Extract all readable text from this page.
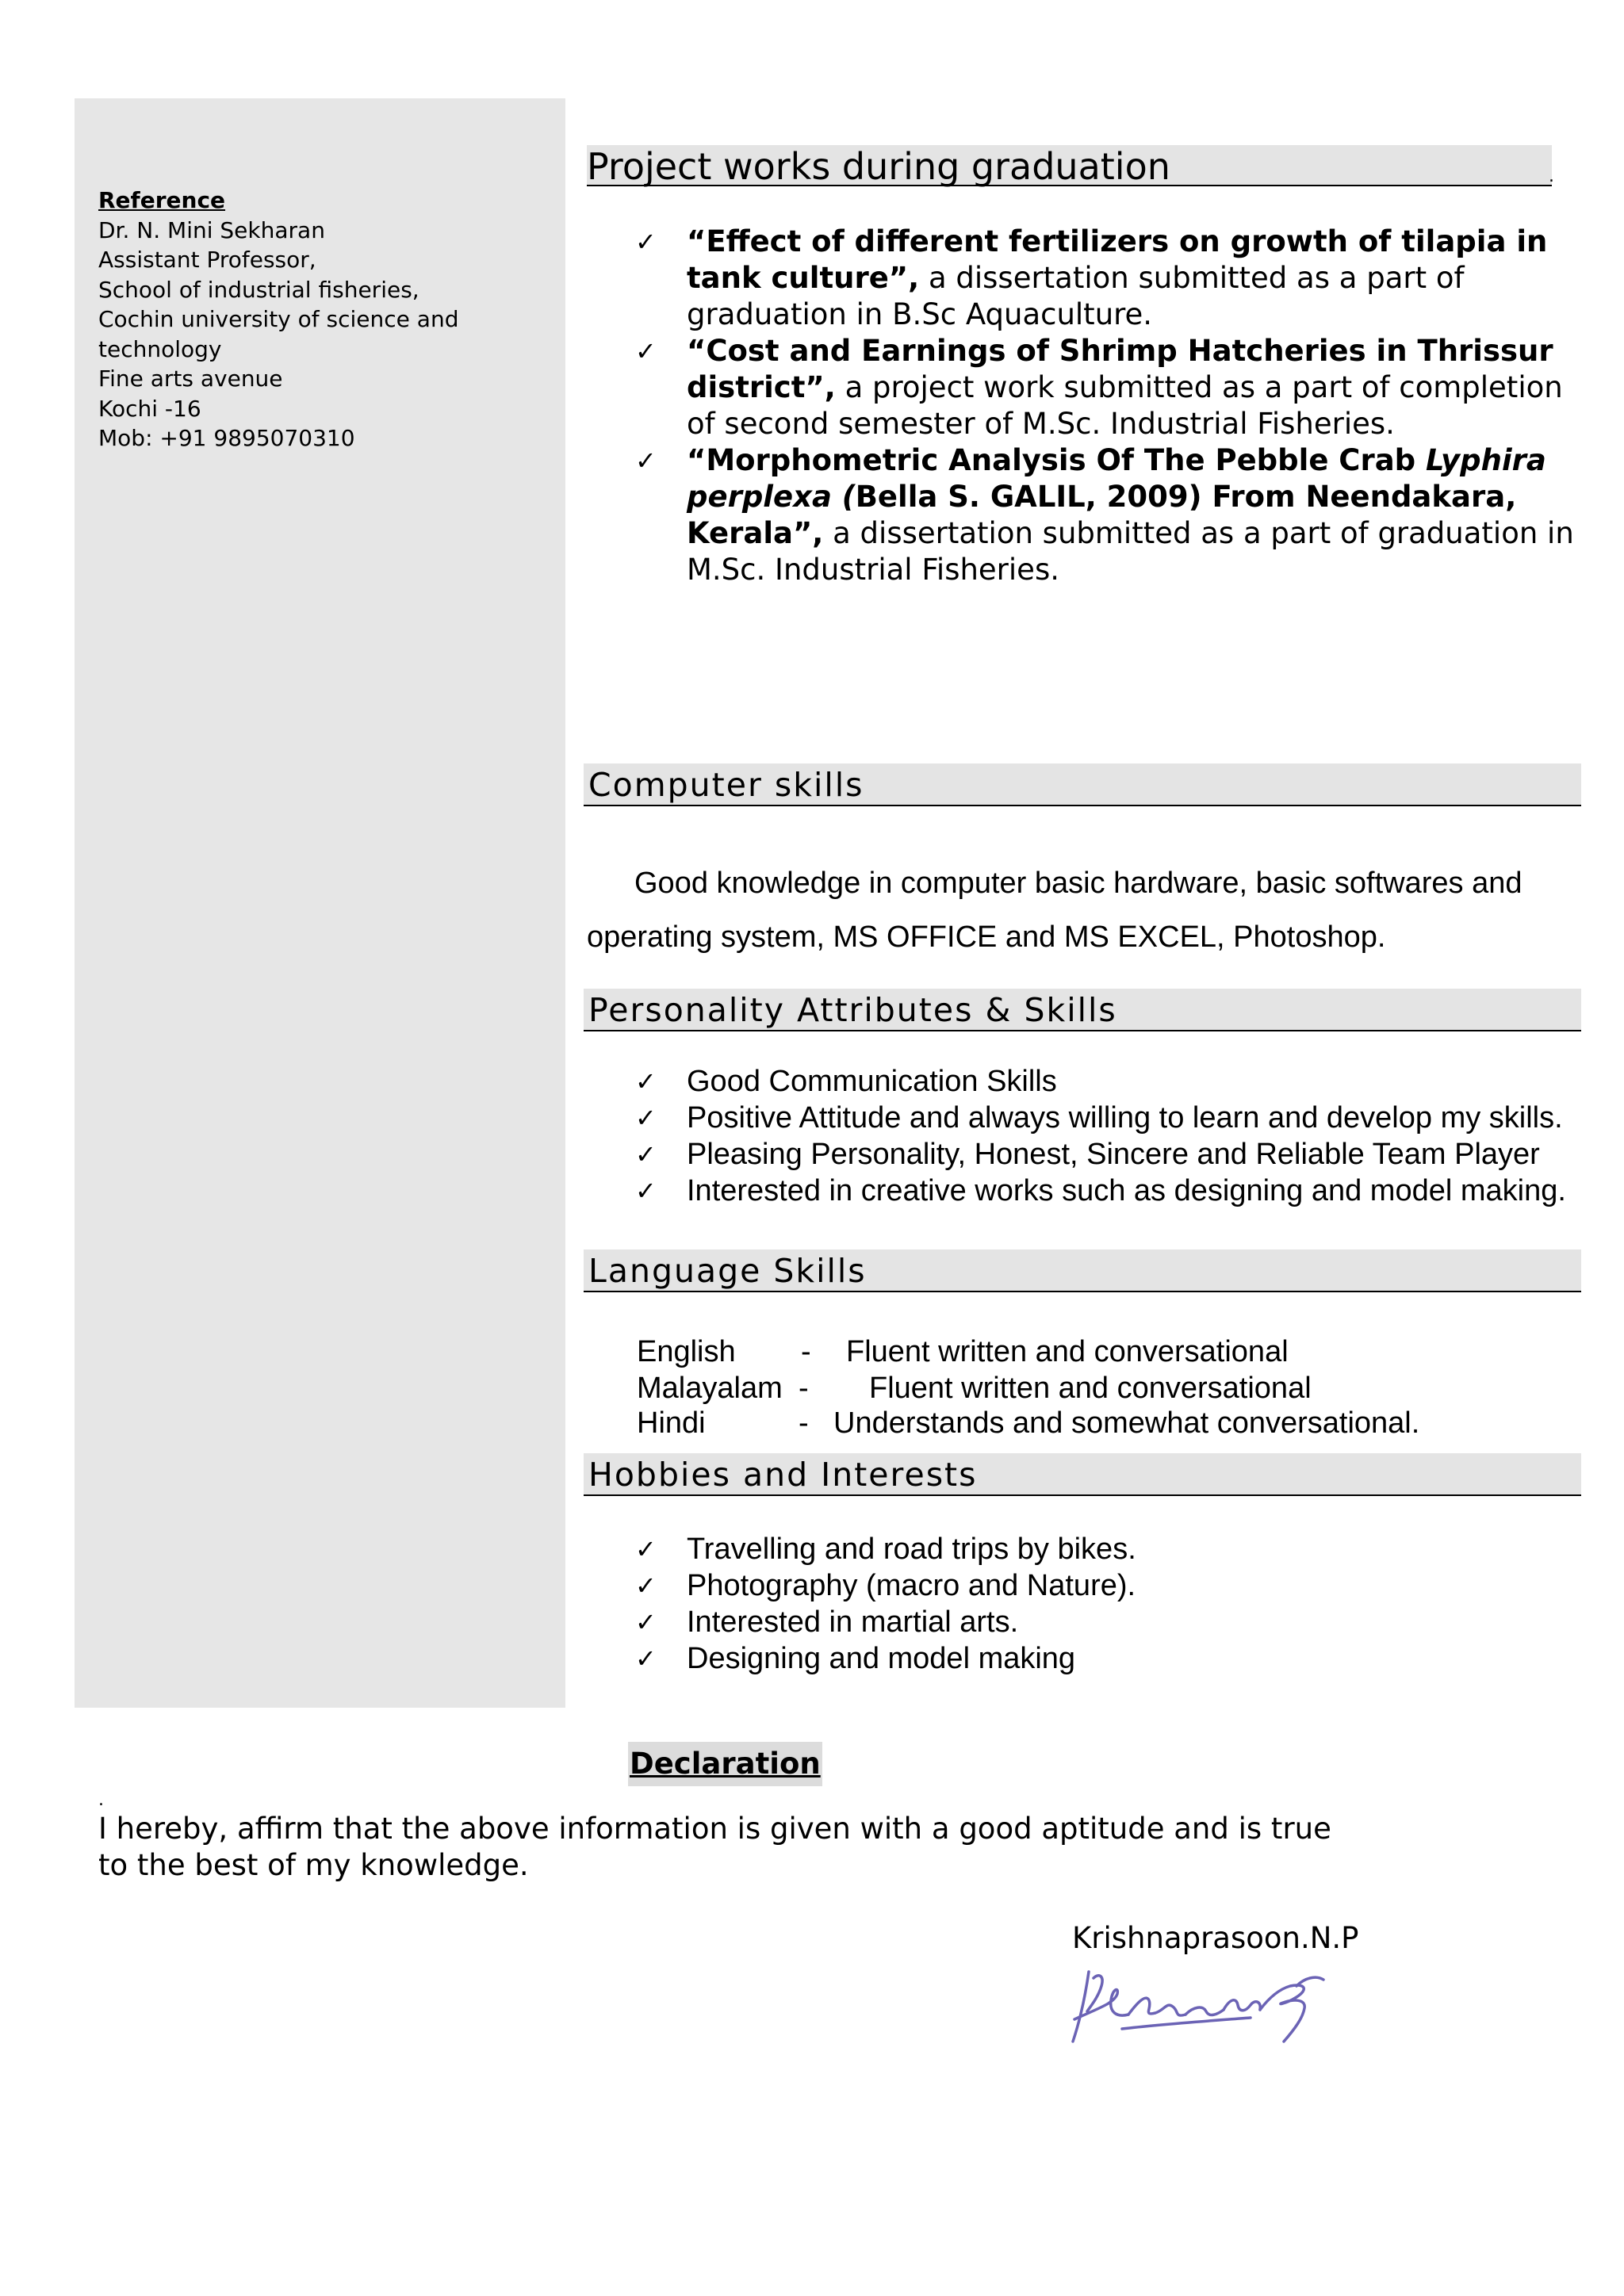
Reference
Dr. N. Mini Sekharan
Assistant Professor,
School of industrial fisheries,
Cochin university of science and
technology
Fine arts avenue
Kochi -16
Mob: +91 9895070310
Project works during graduation	.
✓ “Effect of different fertilizers on growth of tilapia in tank culture”, a dissertation submitted as a part of graduation in B.Sc Aquaculture.
✓ “Cost and Earnings of Shrimp Hatcheries in Thrissur district”, a project work submitted as a part of completion of second semester of M.Sc. Industrial Fisheries.
✓ “Morphometric Analysis Of The Pebble Crab Lyphira perplexa (Bella S. GALIL, 2009) From Neendakara, Kerala”, a dissertation submitted as a part of graduation in M.Sc. Industrial Fisheries.
Computer skills
Good knowledge in computer basic hardware, basic softwares and operating system, MS OFFICE and MS EXCEL, Photoshop.
Personality Attributes & Skills
✓ Good Communication Skills
✓ Positive Attitude and always willing to learn and develop my skills.
✓ Pleasing Personality, Honest, Sincere and Reliable Team Player
✓ Interested in creative works such as designing and model making.
Language Skills
English - Fluent written and conversational
Malayalam - Fluent written and conversational
Hindi	- Understands and somewhat conversational.
Hobbies and Interests
✓ Travelling and road trips by bikes.
✓ Photography (macro and Nature).
✓ Interested in martial arts.
✓ Designing and model making
Declaration
.
I hereby, affirm that the above information is given with a good aptitude and is true to the best of my knowledge.
Krishnaprasoon.N.P
